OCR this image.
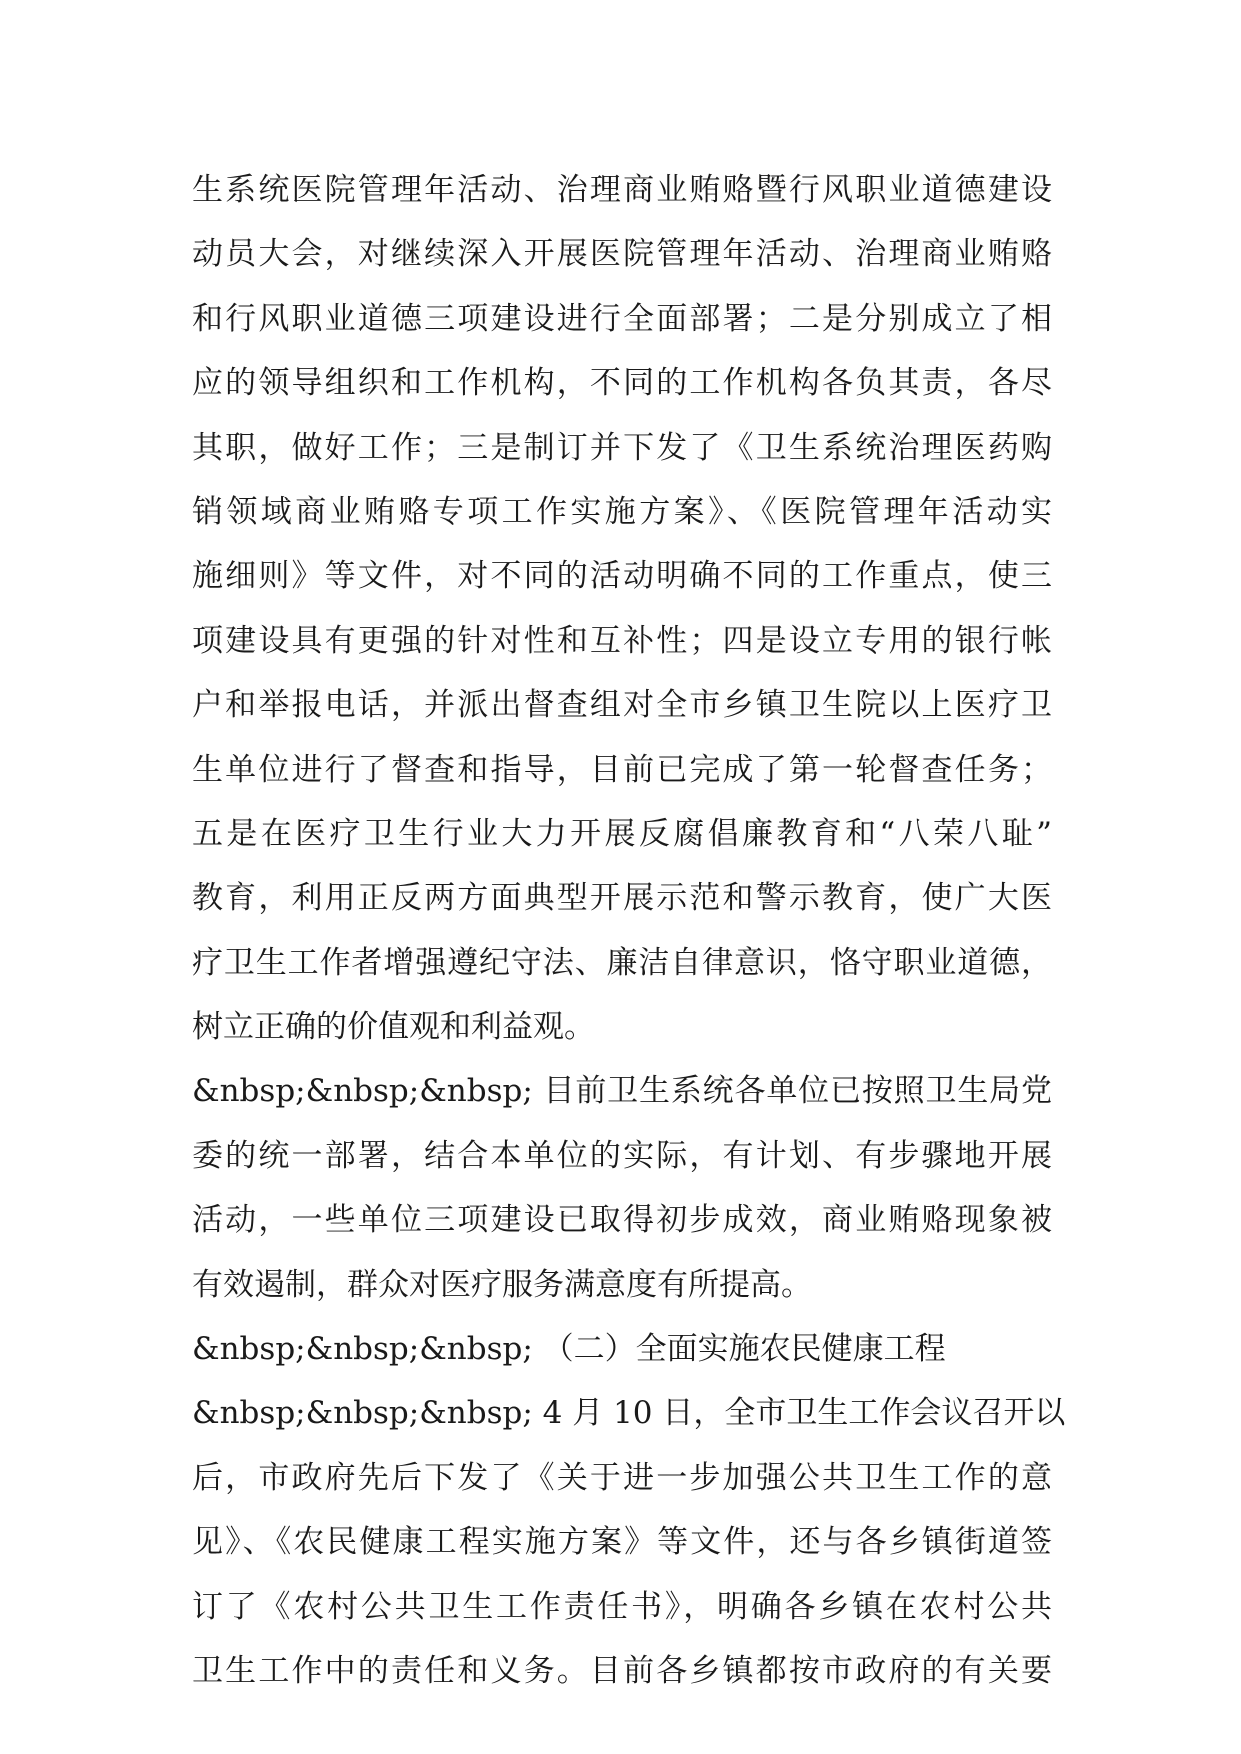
生系统医院管理年活动、治理商业贿赂暨行风职业道德建设
动员大会，对继续深入开展医院管理年活动、治理商业贿赂
和行风职业道德三项建设进行全面部署；二是分别成立了相
应的领导组织和工作机构，不同的工作机构各负其责，各尽
其职，做好工作；三是制订并下发了《卫生系统治理医药购
销领域商业贿赂专项工作实施方案》、《医院管理年活动实
施细则》等文件，对不同的活动明确不同的工作重点，使三
项建设具有更强的针对性和互补性；四是设立专用的银行帐
户和举报电话，并派出督查组对全市乡镇卫生院以上医疗卫
生单位进行了督查和指导，目前已完成了第一轮督查任务；
五是在医疗卫生行业大力开展反腐倡廉教育和“八荣八耻”
教育，利用正反两方面典型开展示范和警示教育，使广大医
疗卫生工作者增强遵纪守法、廉洁自律意识，恪守职业道德，
树立正确的价值观和利益观。
&nbsp;&nbsp;&nbsp; 目前卫生系统各单位已按照卫生局党
委的统一部署，结合本单位的实际，有计划、有步骤地开展
活动，一些单位三项建设已取得初步成效，商业贿赂现象被
有效遏制，群众对医疗服务满意度有所提高。
&nbsp;&nbsp;&nbsp; （二）全面实施农民健康工程
&nbsp;&nbsp;&nbsp; 4 月 10 日，全市卫生工作会议召开以
后，市政府先后下发了《关于进一步加强公共卫生工作的意
见》、《农民健康工程实施方案》等文件，还与各乡镇街道签
订了《农村公共卫生工作责任书》，明确各乡镇在农村公共
卫生工作中的责任和义务。目前各乡镇都按市政府的有关要
